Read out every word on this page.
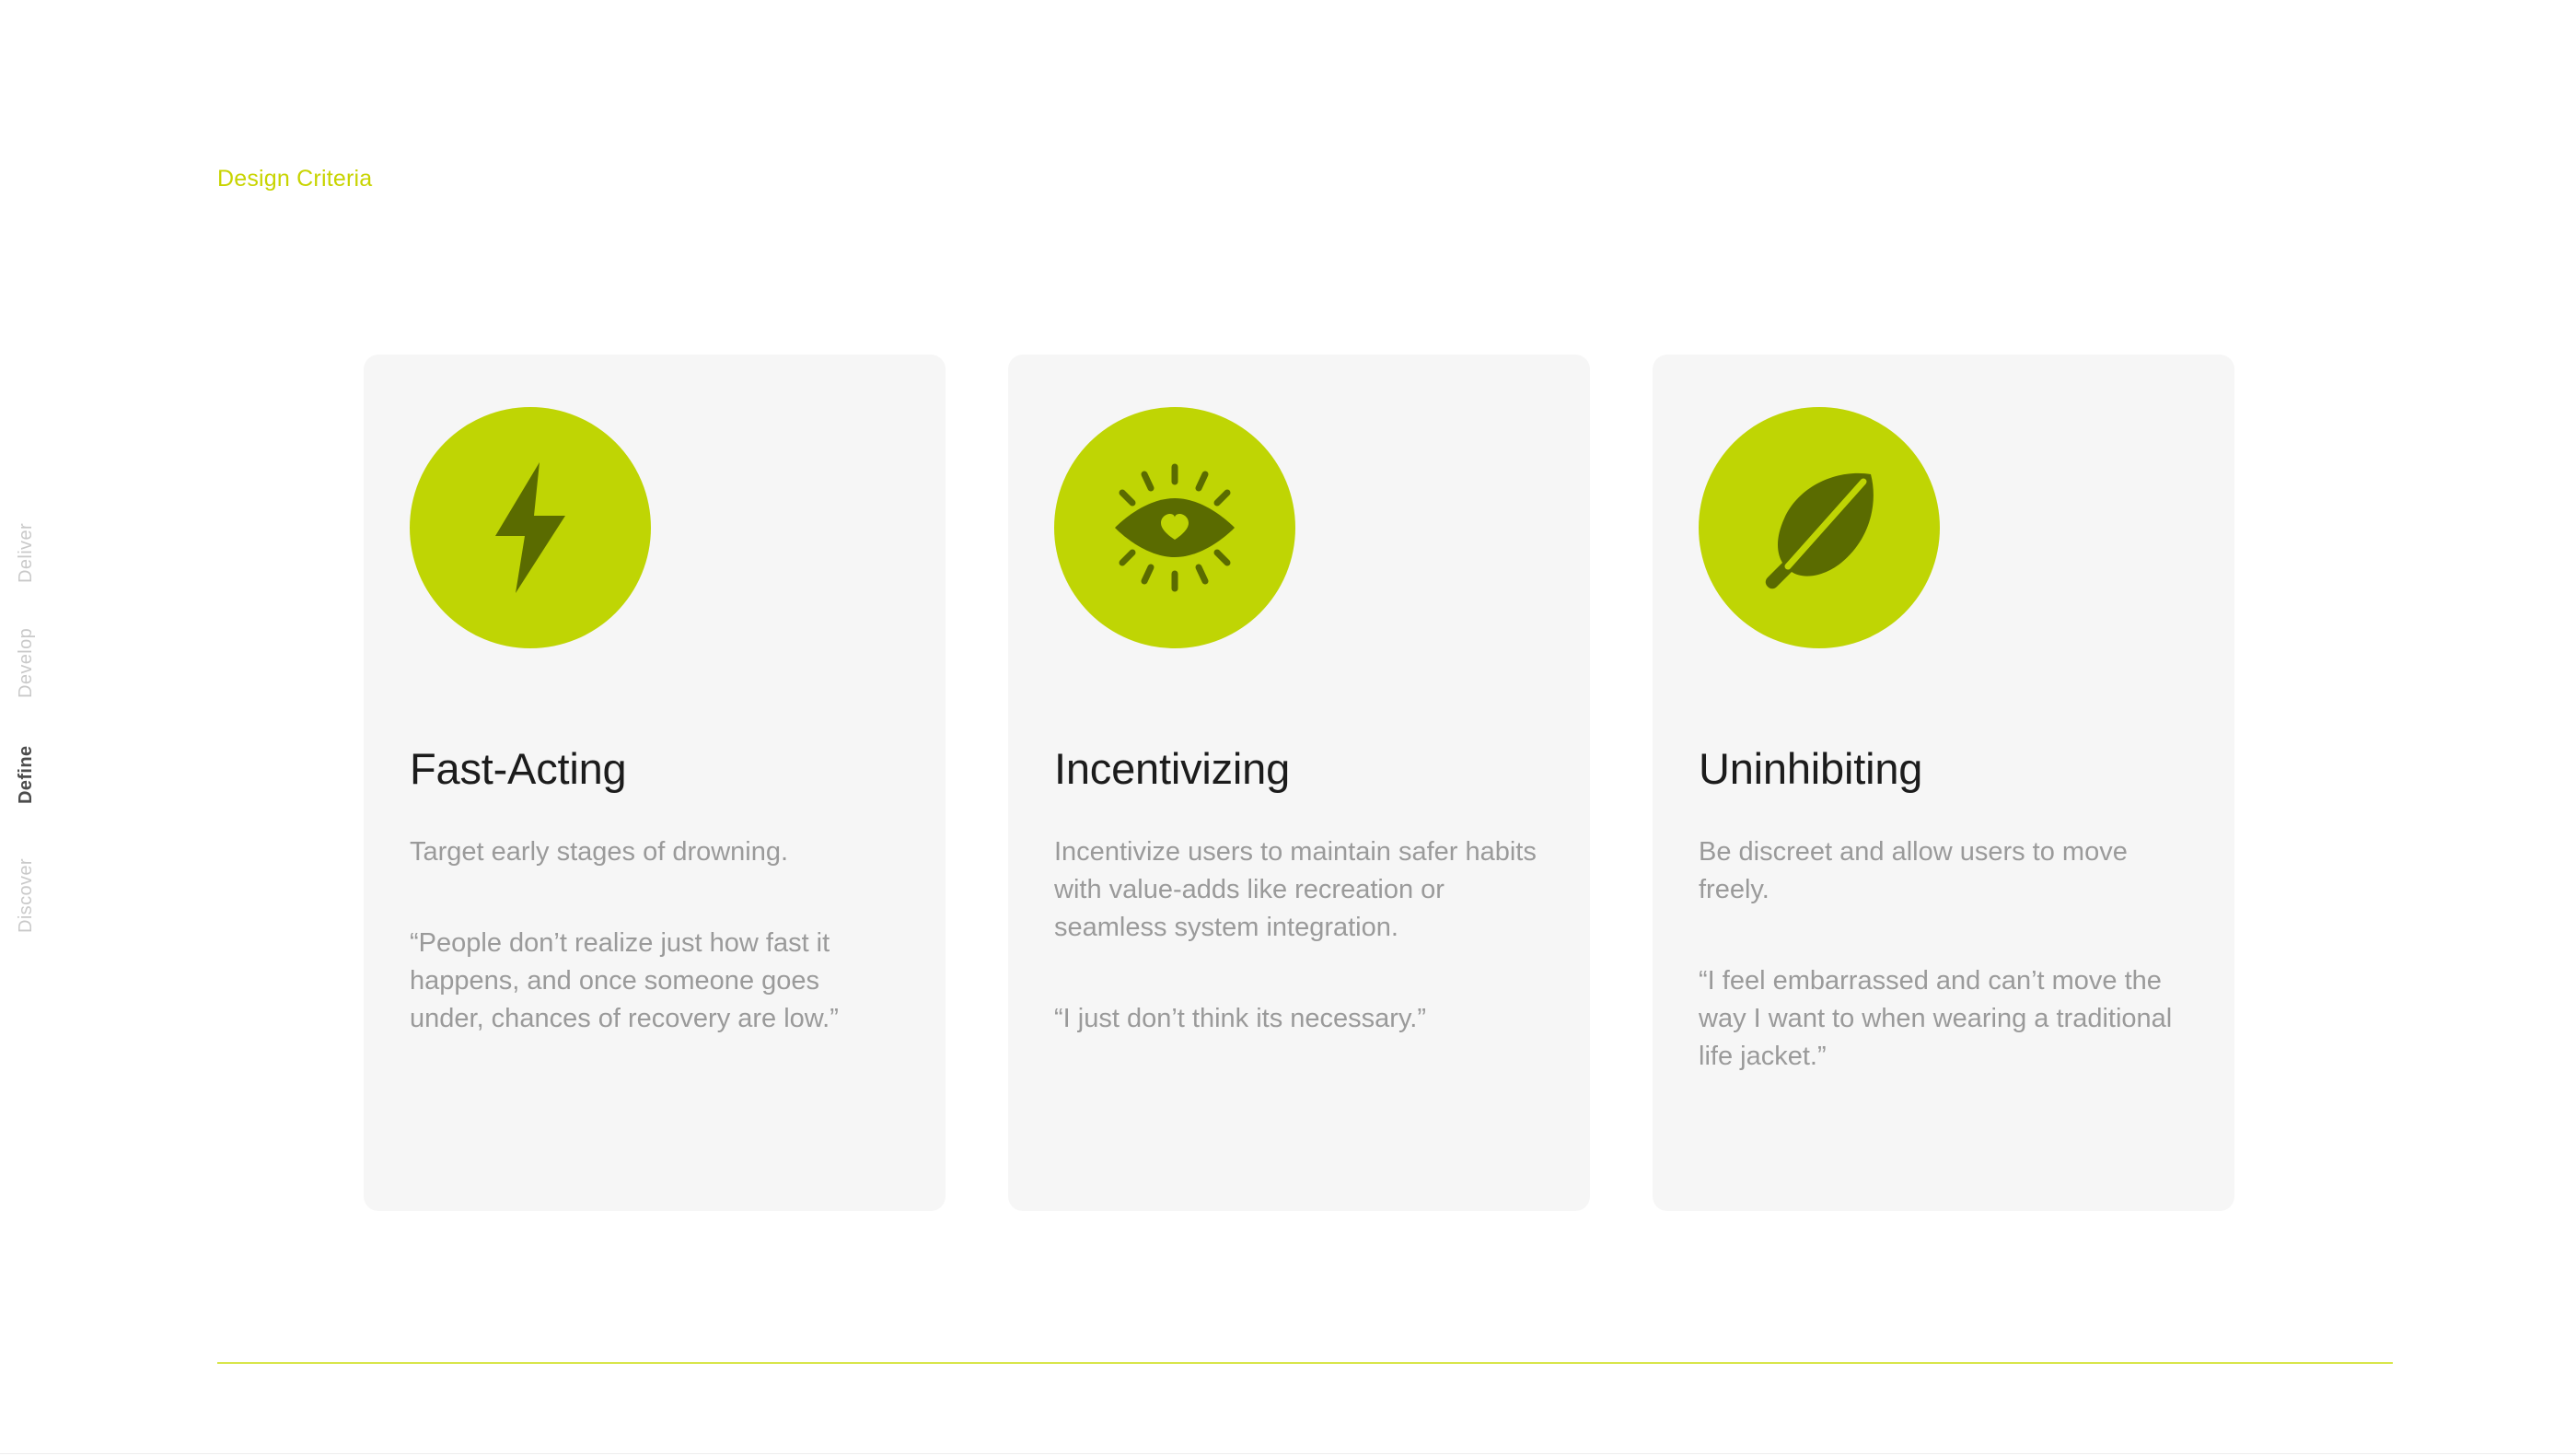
Design Criteria
Deliver
Develop
Define
Discover
Fast-Acting
Target early stages of drowning.
“People don’t realize just how fast it happens, and once someone goes under, chances of recovery are low.”
Incentivizing
Incentivize users to maintain safer habits with value-adds like recreation or seamless system integration.
“I just don’t think its necessary.”
Uninhibiting
Be discreet and allow users to move freely.
“I feel embarrassed and can’t move the way I want to when wearing a traditional life jacket.”
